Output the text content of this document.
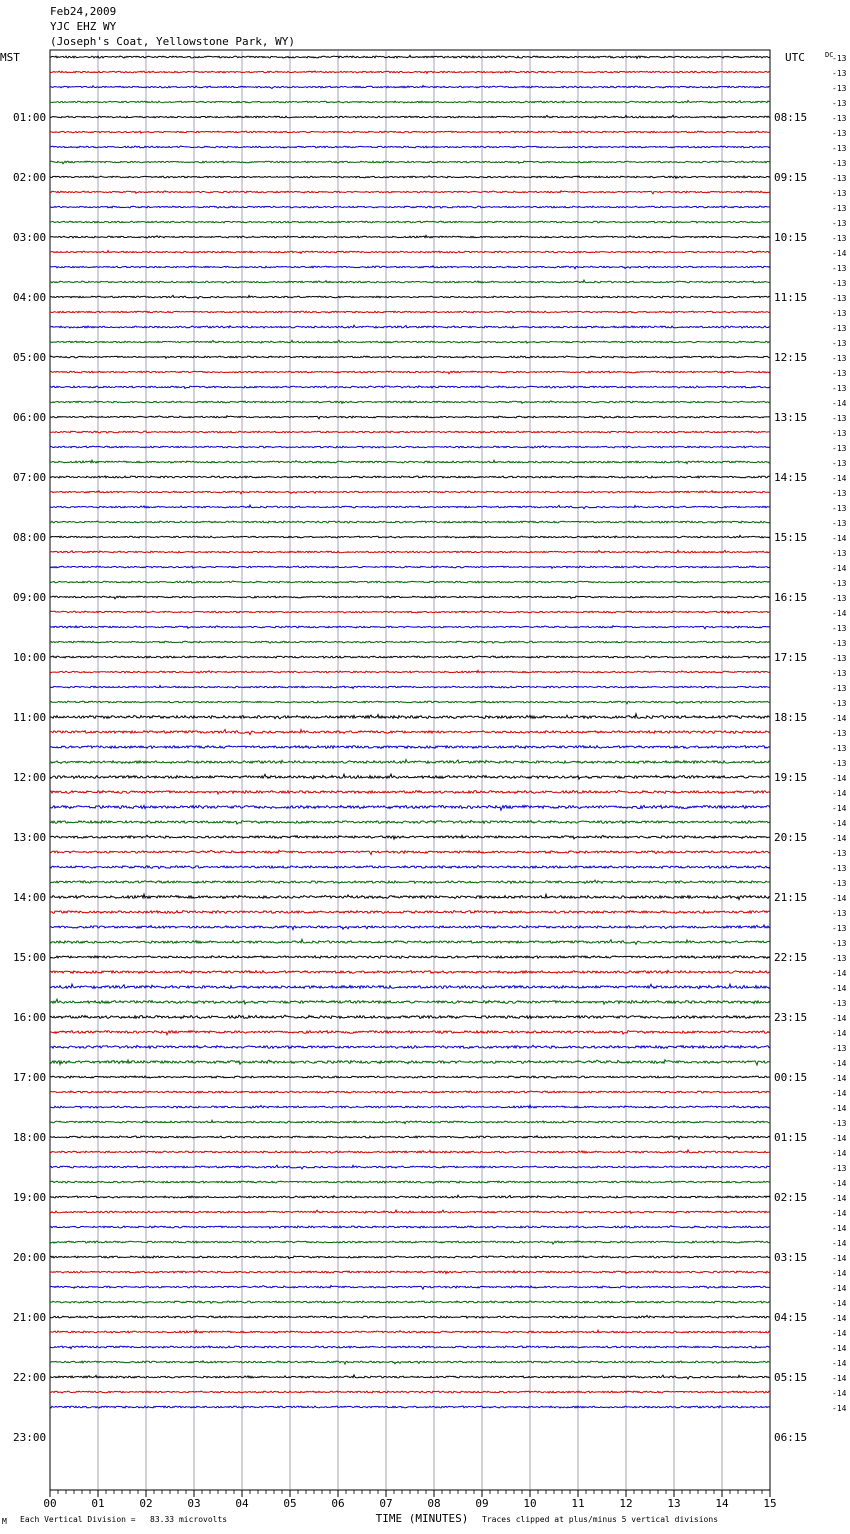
Feb24,2009
YJC EHZ WY
(Joseph's Coat, Yellowstone Park, WY)
00	01	02	03	04	05	06	07	08	09	10	11	12	13	14	15
TIME (MINUTES)
MST	UTC	DC
-13
-13
-13
-13
-13
-13
-13
-13
-13
-13
-13
-13
-13
-14
-13
-13
-13
-13
-13
-13
-13
-13
-13
-14
-13
-13
-13
-13
-14
-13
-13
-13
-14
-13
-14
-13
-13
-14
-13
-13
-13
-13
-13
-13
-14
-13
-13
-13
-14
-14
-14
-14
-14
-13
-13
-13
-14
-13
-13
-13
-13
-14
-14
-13
-14
-14
-13
-14
-14
-14
-14
-13
-14
-14
-13
-14
-14
-14
-14
-14
-14
-14
-14
-14
-14
-14
-14
-14
-14
-14
-14
01:00
02:00
03:00
04:00
05:00
06:00
07:00
08:00
09:00
10:00
11:00
12:00
13:00
14:00
15:00
16:00
17:00
18:00
19:00
20:00
21:00
22:00
23:00
08:15
09:15
10:15
11:15
12:15
13:15
14:15
15:15
16:15
17:15
18:15
19:15
20:15
21:15
22:15
23:15
00:15
01:15
02:15
03:15
04:15
05:15
06:15
M Each Vertical Division =   83.33 microvolts	Traces clipped at plus/minus 5 vertical divisions
